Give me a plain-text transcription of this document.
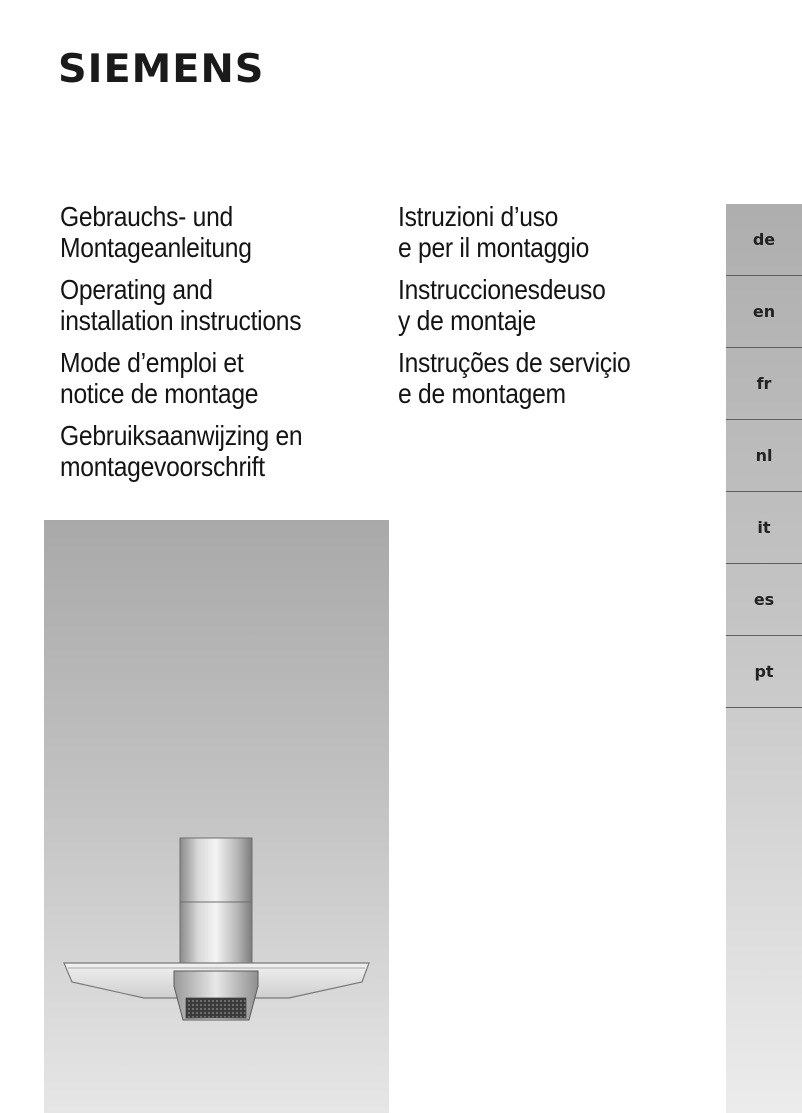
SIEMENS
Gebrauchs- und
Montageanleitung
Operating and
installation instructions
Mode d’emploi et
notice de montage
Gebruiksaanwijzing en
montagevoorschrift
Istruzioni d’uso
e per il montaggio
Instruccionesdeuso
y de montaje
Instruções de serviçio
e de montagem
de
en
fr
nl
it
es
pt
